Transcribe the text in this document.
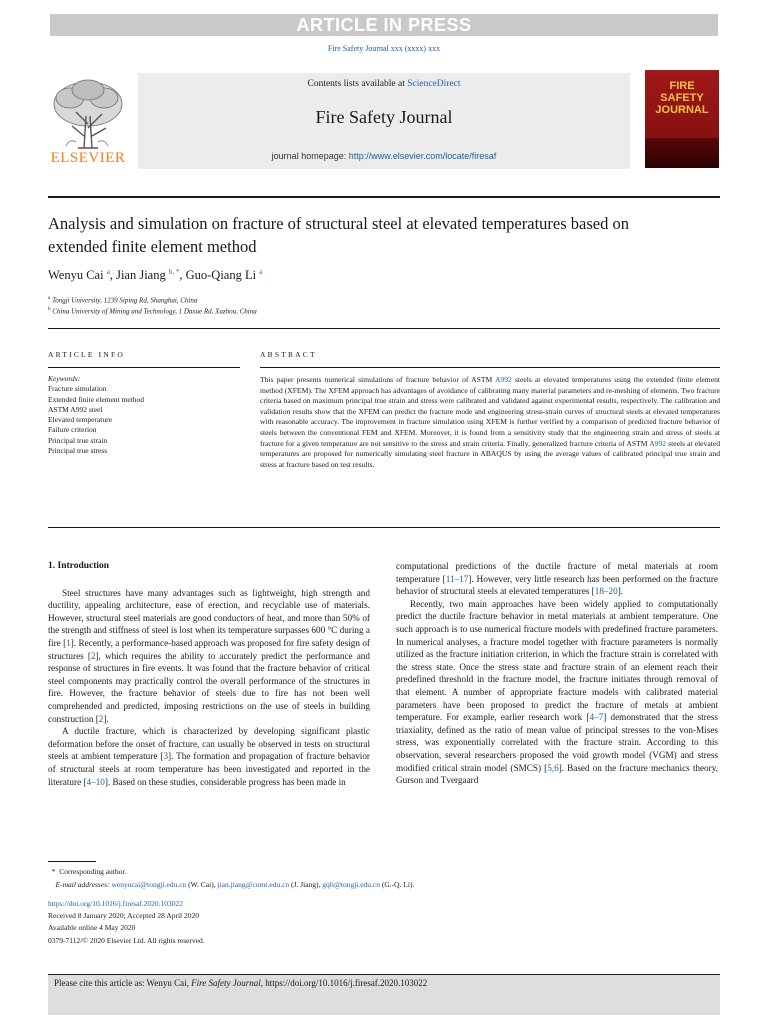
ARTICLE IN PRESS
Fire Safety Journal xxx (xxxx) xxx
ELSEVIER
Contents lists available at ScienceDirect
Fire Safety Journal
journal homepage: http://www.elsevier.com/locate/firesaf
FIRE
SAFETY
JOURNAL
Analysis and simulation on fracture of structural steel at elevated temperatures based on extended finite element method
Wenyu Cai $^a$, Jian Jiang $^{b, *}$, Guo-Qiang Li $^a$
$^a$ Tongji University, 1239 Siping Rd, Shanghai, China
$^b$ China University of Mining and Technology, 1 Daxue Rd, Xuzhou, China
ARTICLE INFO	ABSTRACT
Keywords:
Fracture simulation
Extended finite element method
ASTM A992 steel
Elevated temperature
Failure criterion
Principal true strain
Principal true stress
This paper presents numerical simulations of fracture behavior of ASTM A992 steels at elevated temperatures using the extended finite element method (XFEM). The XFEM approach has advantages of avoidance of calibrating many material parameters and re-meshing of elements. Two fracture criteria based on maximum principal true strain and stress were calibrated and validated against experimental results, respectively. The calibration and validation results show that the XFEM can predict the fracture mode and engineering stress-strain curves of structural steels at elevated temperatures with reasonable accuracy. The improvement in fracture simulation using XFEM is further verified by a comparison of predicted fracture behavior of steels between the conventional FEM and XFEM. Moreover, it is found from a sensitivity study that the engineering strain and stress of steels at fracture for a given temperature are not sensitive to the stress and strain criteria. Finally, generalized fracture criteria of ASTM A992 steels at elevated temperatures are proposed for numerically simulating steel fracture in ABAQUS by using the average values of calibrated principal true strain and stress at fracture based on test results.
1. Introduction

Steel structures have many advantages such as lightweight, high strength and ductility, appealing architecture, ease of erection, and recyclable use of materials. However, structural steel materials are good conductors of heat, and more than 50% of the strength and stiffness of steel is lost when its temperature surpasses 600 °C during a fire [1]. Recently, a performance-based approach was proposed for fire safety design of structures [2], which requires the ability to accurately predict the performance and response of structures in fire events. It was found that the fracture behavior of critical steel components may practically control the overall performance of the structures in fire. However, the fracture behavior of steels due to fire has not been well comprehended and predicted, imposing restrictions on the use of steels in building construction [2].

A ductile fracture, which is characterized by developing significant plastic deformation before the onset of fracture, can usually be observed in tests on structural steels at ambient temperature [3]. The formation and propagation of fracture behavior of structural steels at room temperature has been investigated and reported in the literature [4–10]. Based on these studies, considerable progress has been made in

computational predictions of the ductile fracture of metal materials at room temperature [11–17]. However, very little research has been performed on the fracture behavior of structural steels at elevated temperatures [18–20].

Recently, two main approaches have been widely applied to computationally predict the ductile fracture behavior in metal materials at ambient temperature. One such approach is to use numerical fracture models with predefined fracture parameters. In numerical analyses, a fracture model together with fracture parameters is normally utilized as the fracture initiation criterion, in which the fracture strain is correlated with the stress state. Once the stress state and fracture strain of an element reach their predefined threshold in the fracture model, the fracture initiates through removal of that element. A number of appropriate fracture models with calibrated material parameters have been proposed to predict the fracture of metals at ambient temperature. For example, earlier research work [4–7] demonstrated that the stress triaxiality, defined as the ratio of mean value of principal stresses to the von-Mises stress, was exponentially correlated with the fracture strain. According to this observation, several researchers proposed the void growth model (VGM) and stress modified critical strain model (SMCS) [5,6]. Based on the fracture mechanics theory, Gurson and Tvergaard

* Corresponding author.
E-mail addresses: wenyucai@tongji.edu.cn (W. Cai), jian.jiang@cumt.edu.cn (J. Jiang), gqli@tongji.edu.cn (G.-Q. Li).
https://doi.org/10.1016/j.firesaf.2020.103022
Received 8 January 2020; Accepted 28 April 2020
Available online 4 May 2020
0379-7112/© 2020 Elsevier Ltd. All rights reserved.
Please cite this article as: Wenyu Cai, Fire Safety Journal, https://doi.org/10.1016/j.firesaf.2020.103022
